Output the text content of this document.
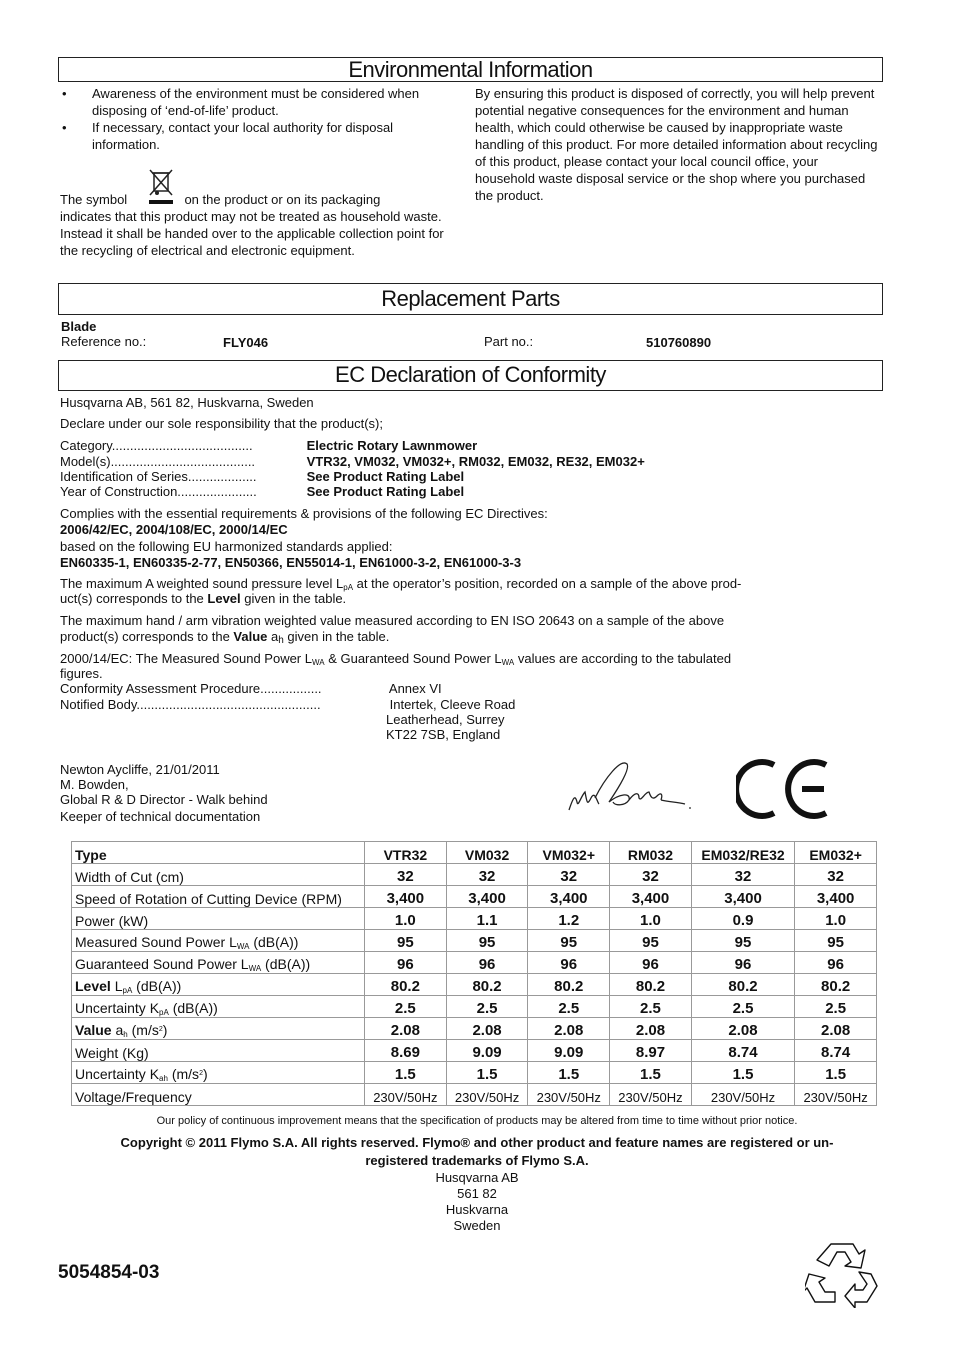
Environmental Information
• Awareness of the environment must be considered when disposing of ‘end-of-life’ product.
• If necessary, contact your local authority for disposal information.
The symbol	on the product or on its packaging
indicates that this product may not be treated as household waste. Instead it shall be handed over to the applicable collection point for the recycling of electrical and electronic equipment.
By ensuring this product is disposed of correctly, you will help prevent potential negative consequences for the environment and human health, which could otherwise be caused by inappropriate waste handling of this product. For more detailed information about recycling of this product, please contact your local council office, your household waste disposal service or the shop where you purchased the product.
Replacement Parts
Blade
Reference no.:	FLY046	Part no.:	510760890
EC Declaration of Conformity
Husqvarna AB, 561 82, Huskvarna, Sweden
Declare under our sole responsibility that the product(s);
Category.......................................	Electric Rotary Lawnmower
Model(s)........................................	VTR32, VM032, VM032+, RM032, EM032, RE32, EM032+
Identification of Series...................	See Product Rating Label
Year of Construction......................	See Product Rating Label
Complies with the essential requirements & provisions of the following EC Directives:
2006/42/EC, 2004/108/EC, 2000/14/EC
based on the following EU harmonized standards applied:
EN60335-1, EN60335-2-77, EN50366, EN55014-1, EN61000-3-2, EN61000-3-3
The maximum A weighted sound pressure level $L_{pA}$ at the operator’s position, recorded on a sample of the above prod-
uct(s) corresponds to the Level given in the table.
The maximum hand / arm vibration weighted value measured according to EN ISO 20643 on a sample of the above
product(s) corresponds to the Value $a_h$ given in the table.
2000/14/EC: The Measured Sound Power $L_{WA}$ & Guaranteed Sound Power $L_{WA}$ values are according to the tabulated
figures.
Conformity Assessment Procedure.................	Annex VI
Notified Body...................................................	Intertek, Cleeve Road
Leatherhead, Surrey
KT22 7SB, England
Newton Aycliffe, 21/01/2011
M. Bowden,
Global R & D Director - Walk behind
Keeper of technical documentation
Type	VTR32	VM032	VM032+	RM032	EM032/RE32	EM032+
Width of Cut (cm)	32	32	32	32	32	32
Speed of Rotation of Cutting Device (RPM)	3,400	3,400	3,400	3,400	3,400	3,400
Power (kW)	1.0	1.1	1.2	1.0	0.9	1.0
Measured Sound Power $L_{WA}$ (dB(A))	95	95	95	95	95	95
Guaranteed Sound Power $L_{WA}$ (dB(A))	96	96	96	96	96	96
Level $L_{pA}$ (dB(A))	80.2	80.2	80.2	80.2	80.2	80.2
Uncertainty $K_{pA}$ (dB(A))	2.5	2.5	2.5	2.5	2.5	2.5
Value $a_h$ $(m/s^2)$	2.08	2.08	2.08	2.08	2.08	2.08
Weight (Kg)	8.69	9.09	9.09	8.97	8.74	8.74
Uncertainty $K_{ah}$ $(m/s^2)$	1.5	1.5	1.5	1.5	1.5	1.5
Voltage/Frequency	230V/50Hz	230V/50Hz	230V/50Hz	230V/50Hz	230V/50Hz	230V/50Hz
Our policy of continuous improvement means that the specification of products may be altered from time to time without prior notice.
Copyright © 2011 Flymo S.A. All rights reserved. Flymo® and other product and feature names are registered or un-
registered trademarks of Flymo S.A.
Husqvarna AB
561 82
Huskvarna
Sweden
5054854-03
